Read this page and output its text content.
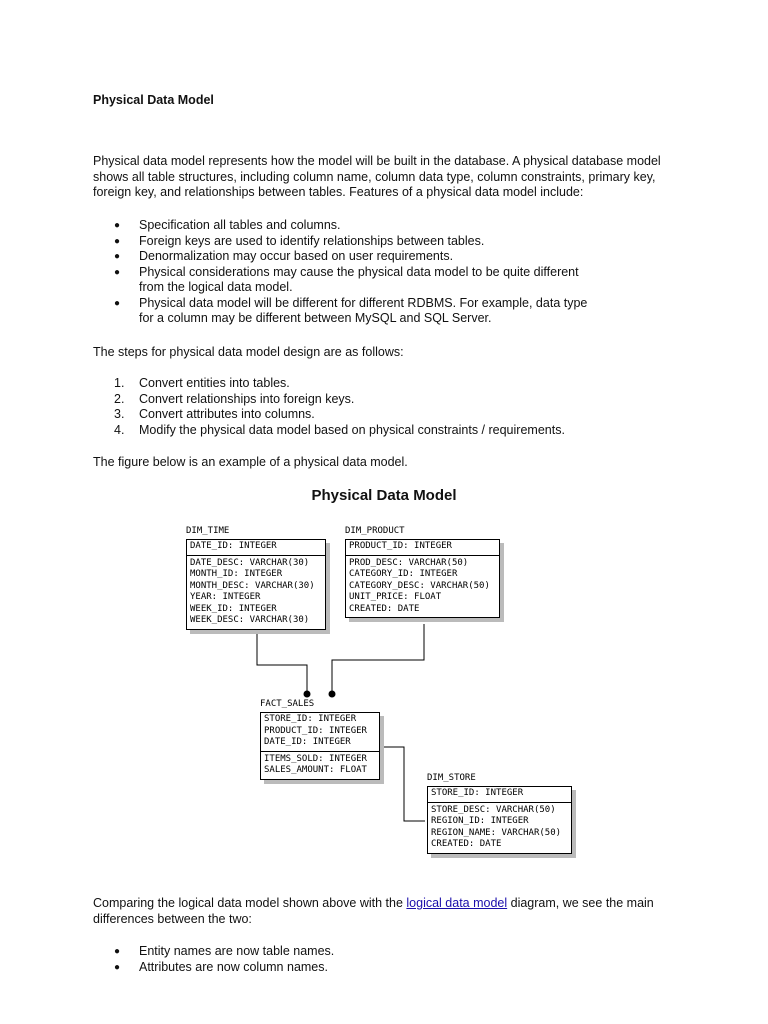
Physical Data Model
Physical data model represents how the model will be built in the database. A physical database model shows all table structures, including column name, column data type, column constraints, primary key, foreign key, and relationships between tables. Features of a physical data model include:
● Specification all tables and columns.
● Foreign keys are used to identify relationships between tables.
● Denormalization may occur based on user requirements.
● Physical considerations may cause the physical data model to be quite different from the logical data model.
● Physical data model will be different for different RDBMS. For example, data type for a column may be different between MySQL and SQL Server.
The steps for physical data model design are as follows:
1. Convert entities into tables.
2. Convert relationships into foreign keys.
3. Convert attributes into columns.
4. Modify the physical data model based on physical constraints / requirements.
The figure below is an example of a physical data model.
Physical Data Model
DIM_TIME
DATE_ID: INTEGER
DATE_DESC: VARCHAR(30)
MONTH_ID: INTEGER
MONTH_DESC: VARCHAR(30)
YEAR: INTEGER
WEEK_ID: INTEGER
WEEK_DESC: VARCHAR(30)
DIM_PRODUCT
PRODUCT_ID: INTEGER
PROD_DESC: VARCHAR(50)
CATEGORY_ID: INTEGER
CATEGORY_DESC: VARCHAR(50)
UNIT_PRICE: FLOAT
CREATED: DATE
FACT_SALES
STORE_ID: INTEGER
PRODUCT_ID: INTEGER
DATE_ID: INTEGER
ITEMS_SOLD: INTEGER
SALES_AMOUNT: FLOAT
DIM_STORE
STORE_ID: INTEGER
STORE_DESC: VARCHAR(50)
REGION_ID: INTEGER
REGION_NAME: VARCHAR(50)
CREATED: DATE
Comparing the logical data model shown above with the logical data model diagram, we see the main differences between the two:
● Entity names are now table names.
● Attributes are now column names.
